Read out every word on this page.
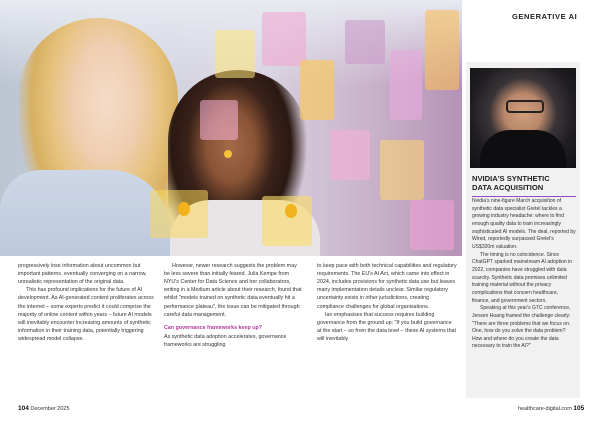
GENERATIVE AI
NVIDIA'S SYNTHETIC
DATA ACQUISITION

Nvidia's nine-figure March acquisition of synthetic data specialist Gretel tackles a growing industry headache: where to find enough quality data to train increasingly sophisticated AI models. The deal, reported by Wired, reportedly surpassed Gretel's US$320m valuation.

The timing is no coincidence. Since ChatGPT sparked mainstream AI adoption in 2022, companies have struggled with data scarcity. Synthetic data promises unlimited training material without the privacy complications that concern healthcare, finance, and government sectors.

Speaking at this year's GTC conference, Jensen Huang framed the challenge clearly: "There are three problems that we focus on. One, how do you solve the data problem? How and where do you create the data necessary to train the AI?"

progressively lose information about uncommon but important patterns, eventually converging on a narrow, unrealistic representation of the original data.

This has profound implications for the future of AI development. As AI-generated content proliferates across the internet – some experts predict it could comprise the majority of online content within years – future AI models will inevitably encounter increasing amounts of synthetic information in their training data, potentially triggering widespread model collapse.

However, newer research suggests the problem may be less severe than initially feared. Julia Kempe from NYU's Center for Data Science and her collaborators, writing in a Medium article about their research, found that whilst "models trained on synthetic data eventually hit a performance plateau", the issue can be mitigated through careful data management.

Can governance frameworks keep up?

As synthetic data adoption accelerates, governance frameworks are struggling

to keep pace with both technical capabilities and regulatory requirements. The EU's AI Act, which came into effect in 2024, includes provisions for synthetic data use but leaves many implementation details unclear. Similar regulatory uncertainty exists in other jurisdictions, creating compliance challenges for global organisations.

Ian emphasises that success requires building governance from the ground up: "If you build governance at the start – so from the data level – these AI systems that will inevitably

104 December 2025	healthcare-digital.com 105
